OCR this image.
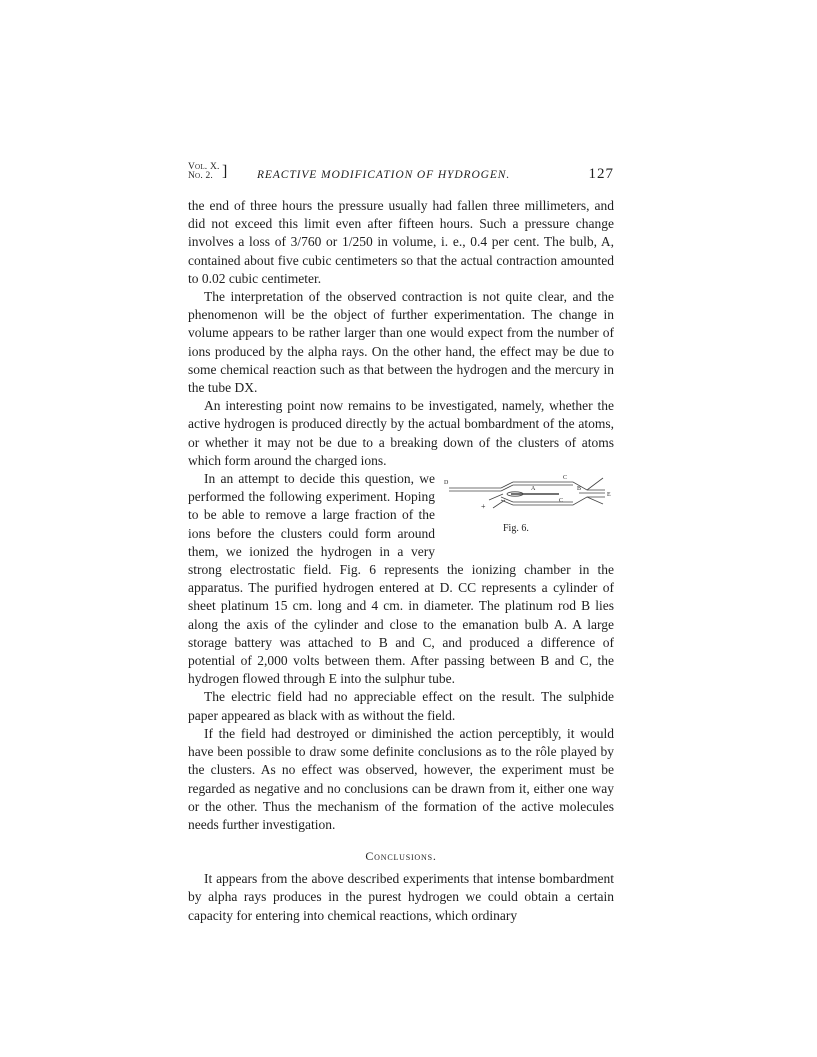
Vol. X.
No. 2. ]	REACTIVE MODIFICATION OF HYDROGEN.	127

the end of three hours the pressure usually had fallen three millimeters, and did not exceed this limit even after fifteen hours. Such a pressure change involves a loss of 3/760 or 1/250 in volume, i. e., 0.4 per cent. The bulb, A, contained about five cubic centimeters so that the actual contraction amounted to 0.02 cubic centimeter.

The interpretation of the observed contraction is not quite clear, and the phenomenon will be the object of further experimentation. The change in volume appears to be rather larger than one would expect from the number of ions produced by the alpha rays. On the other hand, the effect may be due to some chemical reaction such as that between the hydrogen and the mercury in the tube DX.

An interesting point now remains to be investigated, namely, whether the active hydrogen is produced directly by the actual bombardment of the atoms, or whether it may not be due to a breaking down of the clusters of atoms which form around the charged ions.

D
C
A	B
C
E
+
Fig. 6.

In an attempt to decide this question, we performed the following experiment. Hoping to be able to remove a large fraction of the ions before the clusters could form around them, we ionized the hydrogen in a very strong electrostatic field. Fig. 6 represents the ionizing chamber in the apparatus. The purified hydrogen entered at D. CC represents a cylinder of sheet platinum 15 cm. long and 4 cm. in diameter. The platinum rod B lies along the axis of the cylinder and close to the emanation bulb A. A large storage battery was attached to B and C, and produced a difference of potential of 2,000 volts between them. After passing between B and C, the hydrogen flowed through E into the sulphur tube.

The electric field had no appreciable effect on the result. The sulphide paper appeared as black with as without the field.

If the field had destroyed or diminished the action perceptibly, it would have been possible to draw some definite conclusions as to the rôle played by the clusters. As no effect was observed, however, the experiment must be regarded as negative and no conclusions can be drawn from it, either one way or the other. Thus the mechanism of the formation of the active molecules needs further investigation.

Conclusions.

It appears from the above described experiments that intense bombardment by alpha rays produces in the purest hydrogen we could obtain a certain capacity for entering into chemical reactions, which ordinary
